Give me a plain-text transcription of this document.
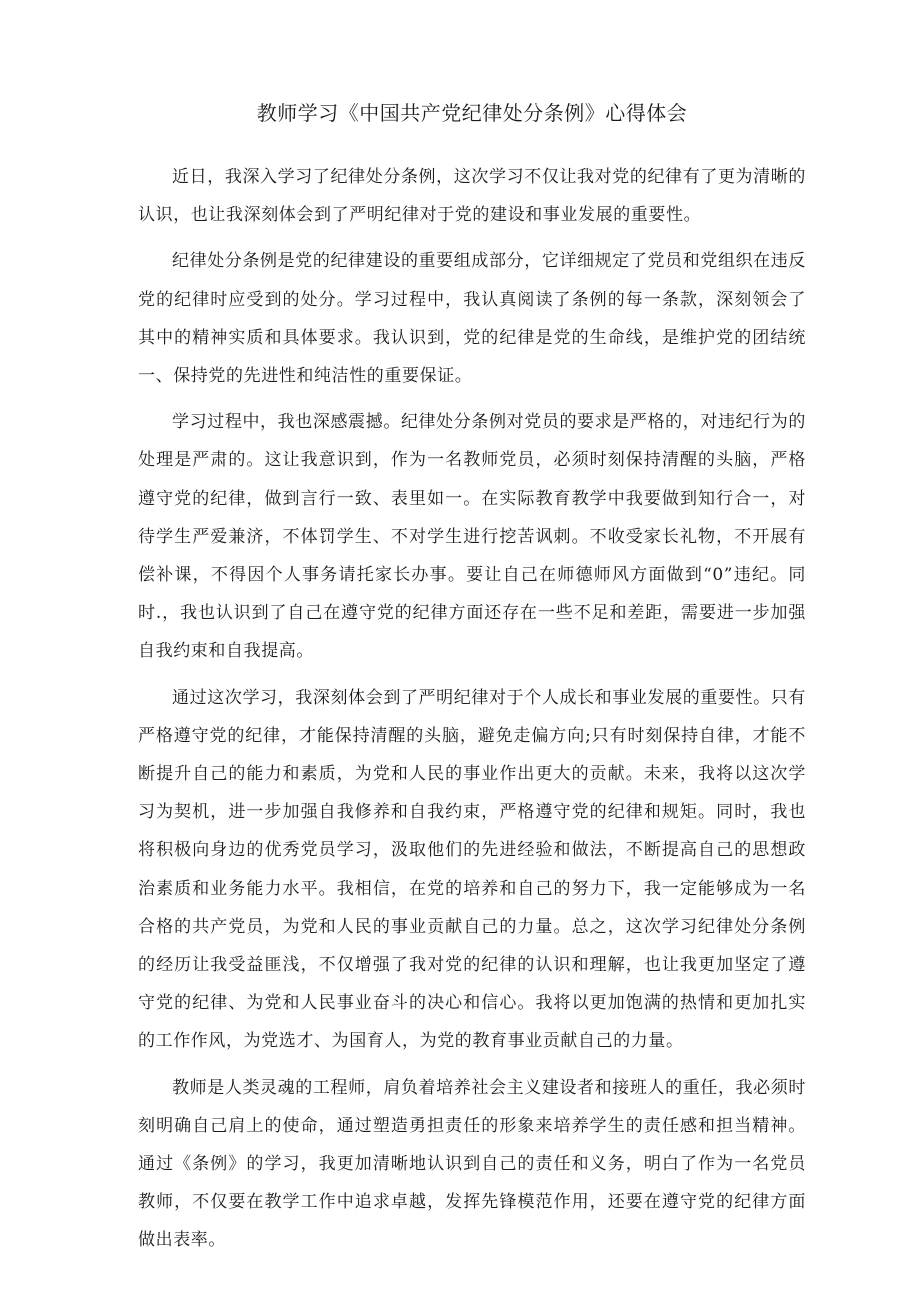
教师学习《中国共产党纪律处分条例》心得体会

近日，我深入学习了纪律处分条例，这次学习不仅让我对党的纪律有了更为清晰的认识，也让我深刻体会到了严明纪律对于党的建设和事业发展的重要性。

纪律处分条例是党的纪律建设的重要组成部分，它详细规定了党员和党组织在违反党的纪律时应受到的处分。学习过程中，我认真阅读了条例的每一条款，深刻领会了其中的精神实质和具体要求。我认识到，党的纪律是党的生命线，是维护党的团结统一、保持党的先进性和纯洁性的重要保证。

学习过程中，我也深感震撼。纪律处分条例对党员的要求是严格的，对违纪行为的处理是严肃的。这让我意识到，作为一名教师党员，必须时刻保持清醒的头脑，严格遵守党的纪律，做到言行一致、表里如一。在实际教育教学中我要做到知行合一，对待学生严爱兼济，不体罚学生、不对学生进行挖苦讽刺。不收受家长礼物，不开展有偿补课，不得因个人事务请托家长办事。要让自己在师德师风方面做到“0”违纪。同时.，我也认识到了自己在遵守党的纪律方面还存在一些不足和差距，需要进一步加强自我约束和自我提高。

通过这次学习，我深刻体会到了严明纪律对于个人成长和事业发展的重要性。只有严格遵守党的纪律，才能保持清醒的头脑，避免走偏方向;只有时刻保持自律，才能不断提升自己的能力和素质，为党和人民的事业作出更大的贡献。未来，我将以这次学习为契机，进一步加强自我修养和自我约束，严格遵守党的纪律和规矩。同时，我也将积极向身边的优秀党员学习，汲取他们的先进经验和做法，不断提高自己的思想政治素质和业务能力水平。我相信，在党的培养和自己的努力下，我一定能够成为一名合格的共产党员，为党和人民的事业贡献自己的力量。总之，这次学习纪律处分条例的经历让我受益匪浅，不仅增强了我对党的纪律的认识和理解，也让我更加坚定了遵守党的纪律、为党和人民事业奋斗的决心和信心。我将以更加饱满的热情和更加扎实的工作作风，为党选才、为国育人，为党的教育事业贡献自己的力量。

教师是人类灵魂的工程师，肩负着培养社会主义建设者和接班人的重任，我必须时刻明确自己肩上的使命，通过塑造勇担责任的形象来培养学生的责任感和担当精神。通过《条例》的学习，我更加清晰地认识到自己的责任和义务，明白了作为一名党员教师，不仅要在教学工作中追求卓越，发挥先锋模范作用，还要在遵守党的纪律方面做出表率。
